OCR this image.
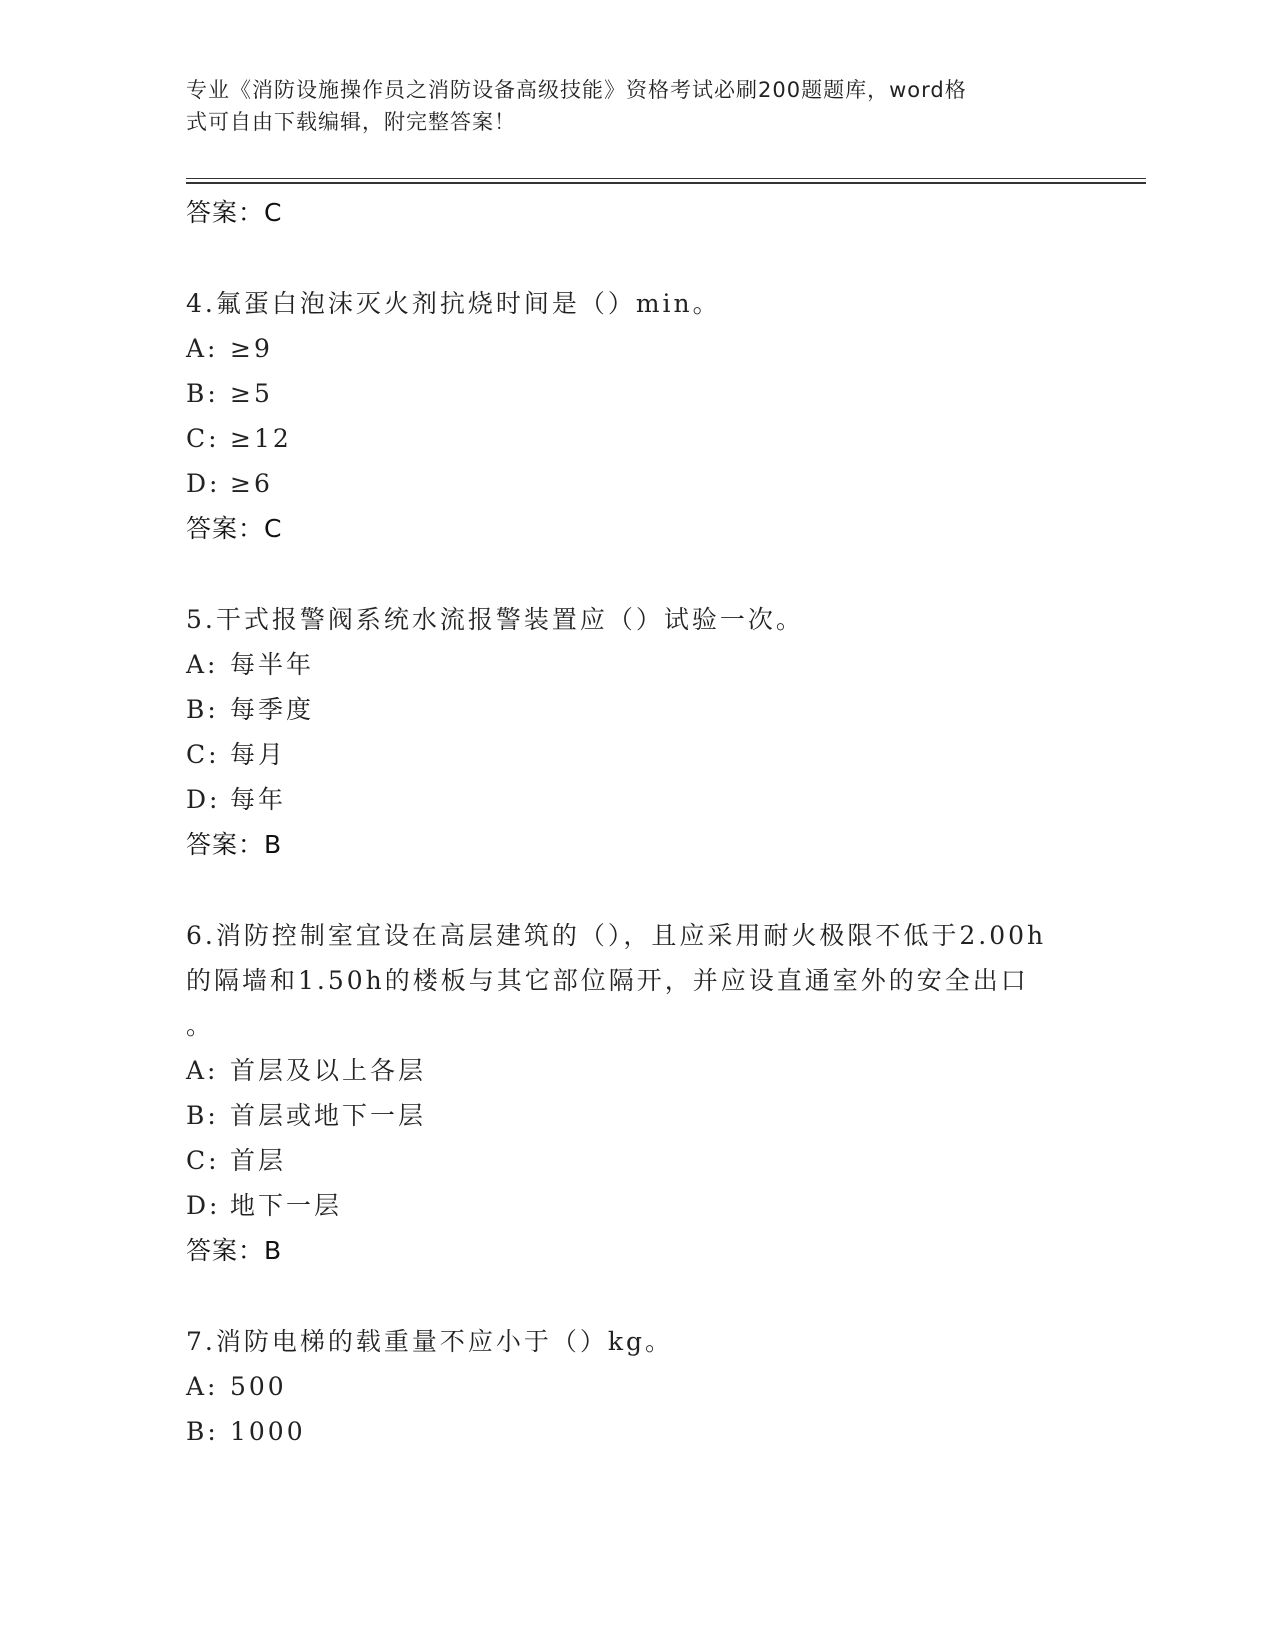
专业《消防设施操作员之消防设备高级技能》资格考试必刷200题题库，word格
式可自由下载编辑，附完整答案！
答案：C
4.氟蛋白泡沫灭火剂抗烧时间是（）min。
A: ≥9
B: ≥5
C: ≥12
D: ≥6
答案：C
5.干式报警阀系统水流报警装置应（）试验一次。
A: 每半年
B: 每季度
C: 每月
D: 每年
答案：B
6.消防控制室宜设在高层建筑的（），且应采用耐火极限不低于2.00h
的隔墙和1.50h的楼板与其它部位隔开，并应设直通室外的安全出口
。
A: 首层及以上各层
B: 首层或地下一层
C: 首层
D: 地下一层
答案：B
7.消防电梯的载重量不应小于（）kg。
A: 500
B: 1000
